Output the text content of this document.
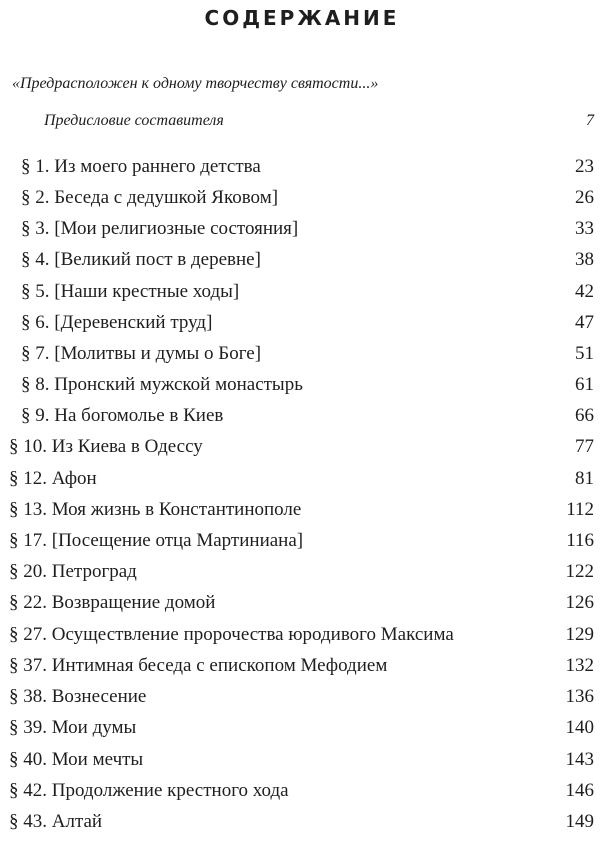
СОДЕРЖАНИЕ
«Предрасположен к одному творчеству святости...»
Предисловие составителя	7
§ 1. Из моего раннего детства	23
§ 2. Беседа с дедушкой Яковом]	26
§ 3. [Мои религиозные состояния]	33
§ 4. [Великий пост в деревне]	38
§ 5. [Наши крестные ходы]	42
§ 6. [Деревенский труд]	47
§ 7. [Молитвы и думы о Боге]	51
§ 8. Пронский мужской монастырь	61
§ 9. На богомолье в Киев	66
§ 10. Из Киева в Одессу	77
§ 12. Афон	81
§ 13. Моя жизнь в Константинополе	112
§ 17. [Посещение отца Мартиниана]	116
§ 20. Петроград	122
§ 22. Возвращение домой	126
§ 27. Осуществление пророчества юродивого Максима	129
§ 37. Интимная беседа с епископом Мефодием	132
§ 38. Вознесение	136
§ 39. Мои думы	140
§ 40. Мои мечты	143
§ 42. Продолжение крестного хода	146
§ 43. Алтай	149
